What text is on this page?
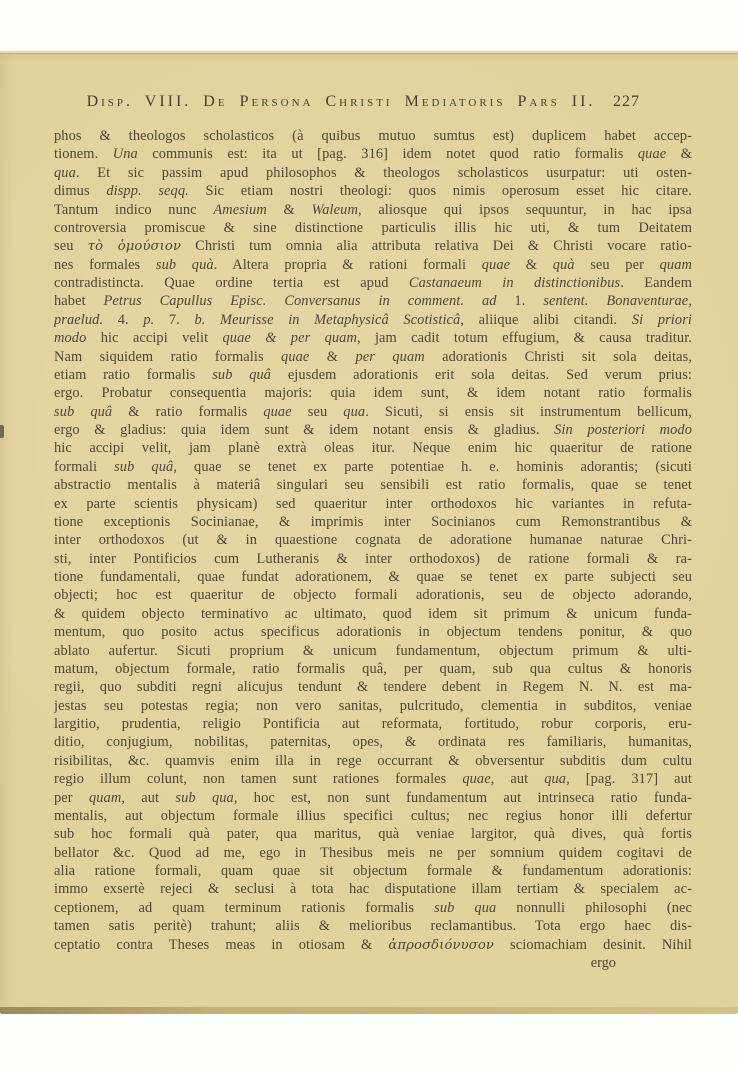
Disp. VIII. De Persona Christi Mediatoris Pars II. 227
phos & theologos scholasticos (à quibus mutuo sumtus est) duplicem habet accep-
tionem. Una communis est: ita ut [pag. 316] idem notet quod ratio formalis quae &
qua. Et sic passim apud philosophos & theologos scholasticos usurpatur: uti osten-
dimus dispp. seqq. Sic etiam nostri theologi: quos nimis operosum esset hic citare.
Tantum indico nunc Amesium & Waleum, aliosque qui ipsos sequuntur, in hac ipsa
controversia promiscue & sine distinctione particulis illis hic uti, & tum Deitatem
seu τὸ ὁμούσιον Christi tum omnia alia attributa relativa Dei & Christi vocare ratio-
nes formales sub quà. Altera propria & rationi formali quae & quà seu per quam
contradistincta. Quae ordine tertia est apud Castanaeum in distinctionibus. Eandem
habet Petrus Capullus Episc. Conversanus in comment. ad 1. sentent. Bonaventurae,
praelud. 4. p. 7. b. Meurisse in Metaphysicâ Scotisticâ, aliique alibi citandi. Si priori
modo hic accipi velit quae & per quam, jam cadit totum effugium, & causa traditur.
Nam siquidem ratio formalis quae & per quam adorationis Christi sit sola deitas,
etiam ratio formalis sub quâ ejusdem adorationis erit sola deitas. Sed verum prius:
ergo. Probatur consequentia majoris: quia idem sunt, & idem notant ratio formalis
sub quâ & ratio formalis quae seu qua. Sicuti, si ensis sit instrumentum bellicum,
ergo & gladius: quia idem sunt & idem notant ensis & gladius. Sin posteriori modo
hic accipi velit, jam planè extrà oleas itur. Neque enim hic quaeritur de ratione
formali sub quâ, quae se tenet ex parte potentiae h. e. hominis adorantis; (sicuti
abstractio mentalis à materiâ singulari seu sensibili est ratio formalis, quae se tenet
ex parte scientis physicam) sed quaeritur inter orthodoxos hic variantes in refuta-
tione exceptionis Socinianae, & imprimis inter Socinianos cum Remonstrantibus &
inter orthodoxos (ut & in quaestione cognata de adoratione humanae naturae Chri-
sti, inter Pontificios cum Lutheranis & inter orthodoxos) de ratione formali & ra-
tione fundamentali, quae fundat adorationem, & quae se tenet ex parte subjecti seu
objecti; hoc est quaeritur de objecto formali adorationis, seu de objecto adorando,
& quidem objecto terminativo ac ultimato, quod idem sit primum & unicum funda-
mentum, quo posito actus specificus adorationis in objectum tendens ponitur, & quo
ablato aufertur. Sicuti proprium & unicum fundamentum, objectum primum & ulti-
matum, objectum formale, ratio formalis quâ, per quam, sub qua cultus & honoris
regii, quo subditi regni alicujus tendunt & tendere debent in Regem N. N. est ma-
jestas seu potestas regia; non vero sanitas, pulcritudo, clementia in subditos, veniae
largitio, prudentia, religio Pontificia aut reformata, fortitudo, robur corporis, eru-
ditio, conjugium, nobilitas, paternitas, opes, & ordinata res familiaris, humanitas,
risibilitas, &c. quamvis enim illa in rege occurrant & obversentur subditis dum cultu
regio illum colunt, non tamen sunt rationes formales quae, aut qua, [pag. 317] aut
per quam, aut sub qua, hoc est, non sunt fundamentum aut intrinseca ratio funda-
mentalis, aut objectum formale illius specifici cultus; nec regius honor illi defertur
sub hoc formali quà pater, qua maritus, quà veniae largitor, quà dives, quà fortis
bellator &c. Quod ad me, ego in Thesibus meis ne per somnium quidem cogitavi de
alia ratione formali, quam quae sit objectum formale & fundamentum adorationis:
immo exsertè rejeci & seclusi à tota hac disputatione illam tertiam & specialem ac-
ceptionem, ad quam terminum rationis formalis sub qua nonnulli philosophi (nec
tamen satis peritè) trahunt; aliis & melioribus reclamantibus. Tota ergo haec dis-
ceptatio contra Theses meas in otiosam & ἀπροσδιόνυσον sciomachiam desinit. Nihil
ergo
